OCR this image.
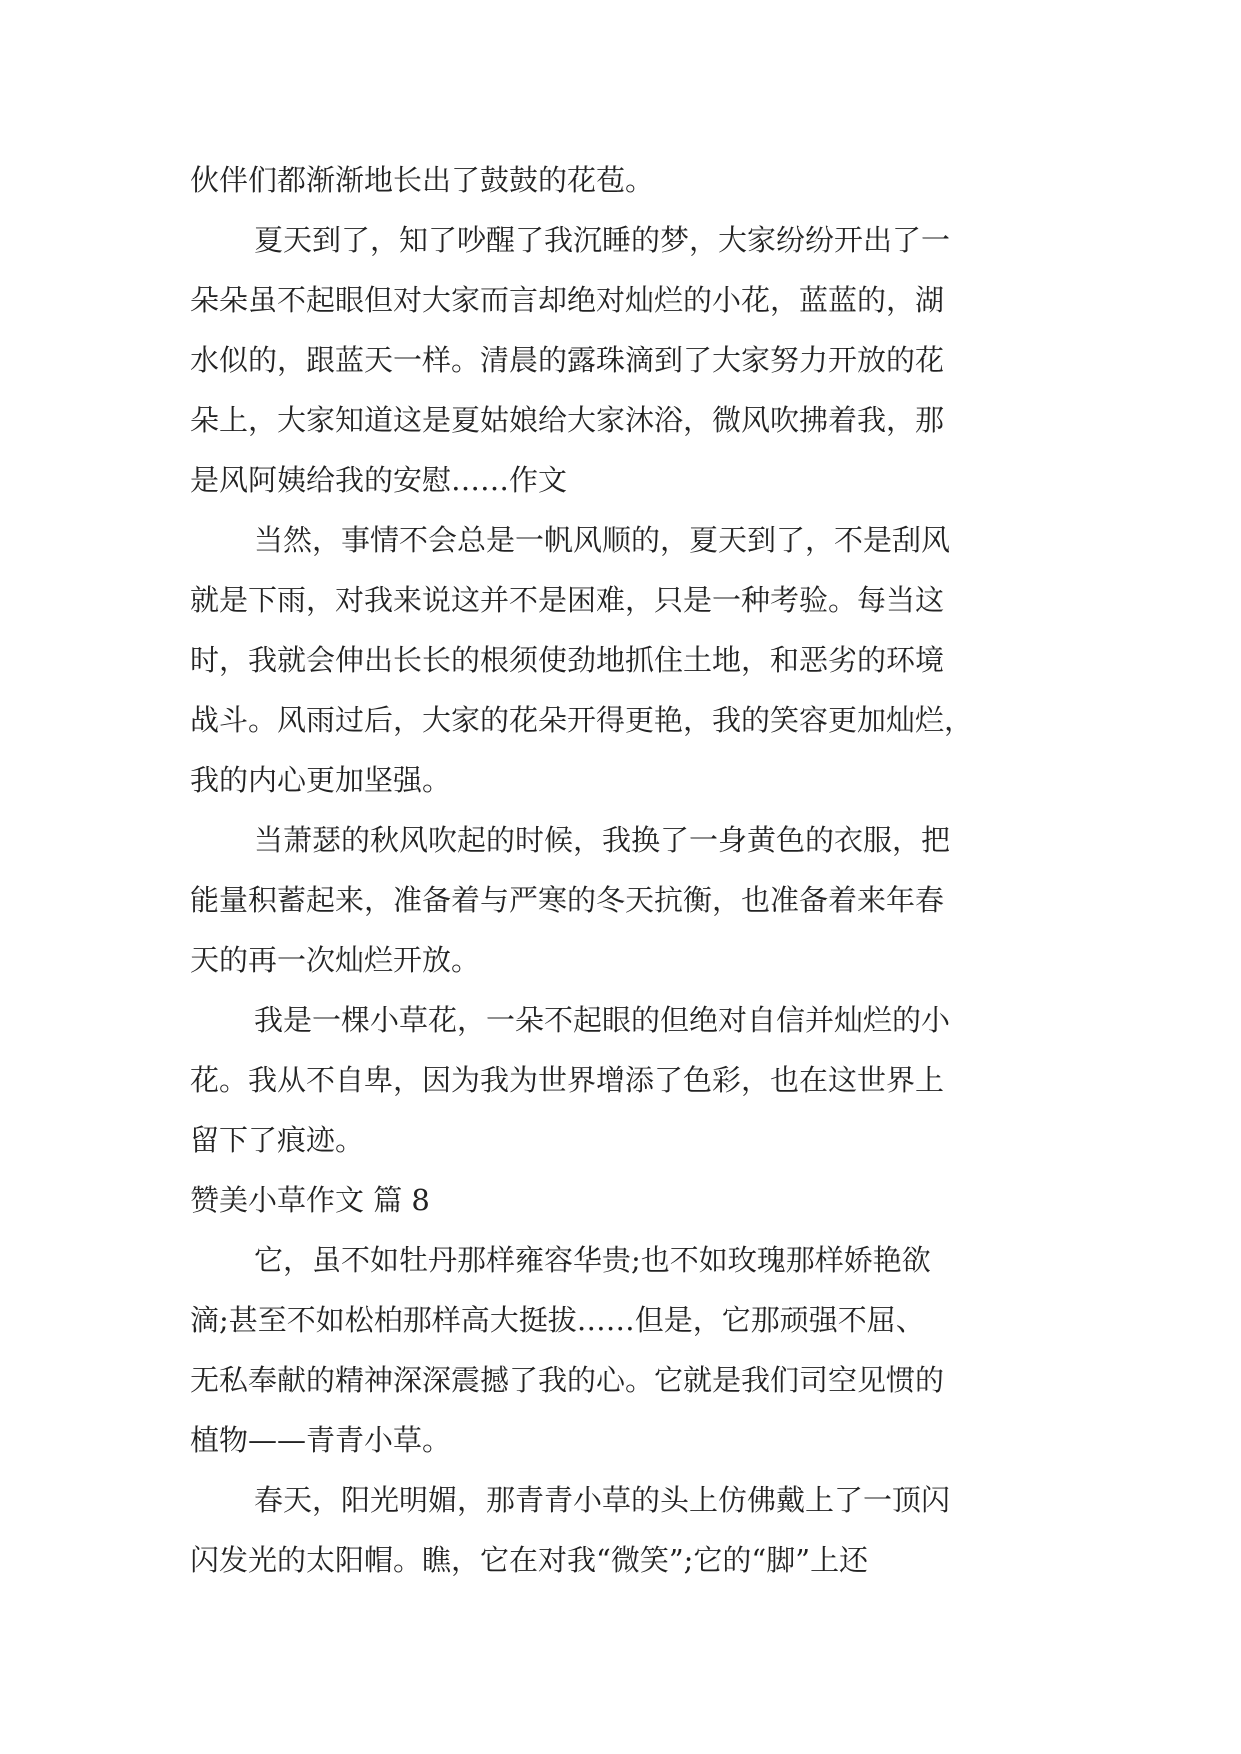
伙伴们都渐渐地长出了鼓鼓的花苞。
夏天到了，知了吵醒了我沉睡的梦，大家纷纷开出了一
朵朵虽不起眼但对大家而言却绝对灿烂的小花，蓝蓝的，湖
水似的，跟蓝天一样。清晨的露珠滴到了大家努力开放的花
朵上，大家知道这是夏姑娘给大家沐浴，微风吹拂着我，那
是风阿姨给我的安慰……作文
当然，事情不会总是一帆风顺的，夏天到了，不是刮风
就是下雨，对我来说这并不是困难，只是一种考验。每当这
时，我就会伸出长长的根须使劲地抓住土地，和恶劣的环境
战斗。风雨过后，大家的花朵开得更艳，我的笑容更加灿烂，
我的内心更加坚强。
当萧瑟的秋风吹起的时候，我换了一身黄色的衣服，把
能量积蓄起来，准备着与严寒的冬天抗衡，也准备着来年春
天的再一次灿烂开放。
我是一棵小草花，一朵不起眼的但绝对自信并灿烂的小
花。我从不自卑，因为我为世界增添了色彩，也在这世界上
留下了痕迹。
赞美小草作文 篇 8
它，虽不如牡丹那样雍容华贵;也不如玫瑰那样娇艳欲
滴;甚至不如松柏那样高大挺拔……但是，它那顽强不屈、
无私奉献的精神深深震撼了我的心。它就是我们司空见惯的
植物——青青小草。
春天，阳光明媚，那青青小草的头上仿佛戴上了一顶闪
闪发光的太阳帽。瞧，它在对我“微笑”;它的“脚”上还
